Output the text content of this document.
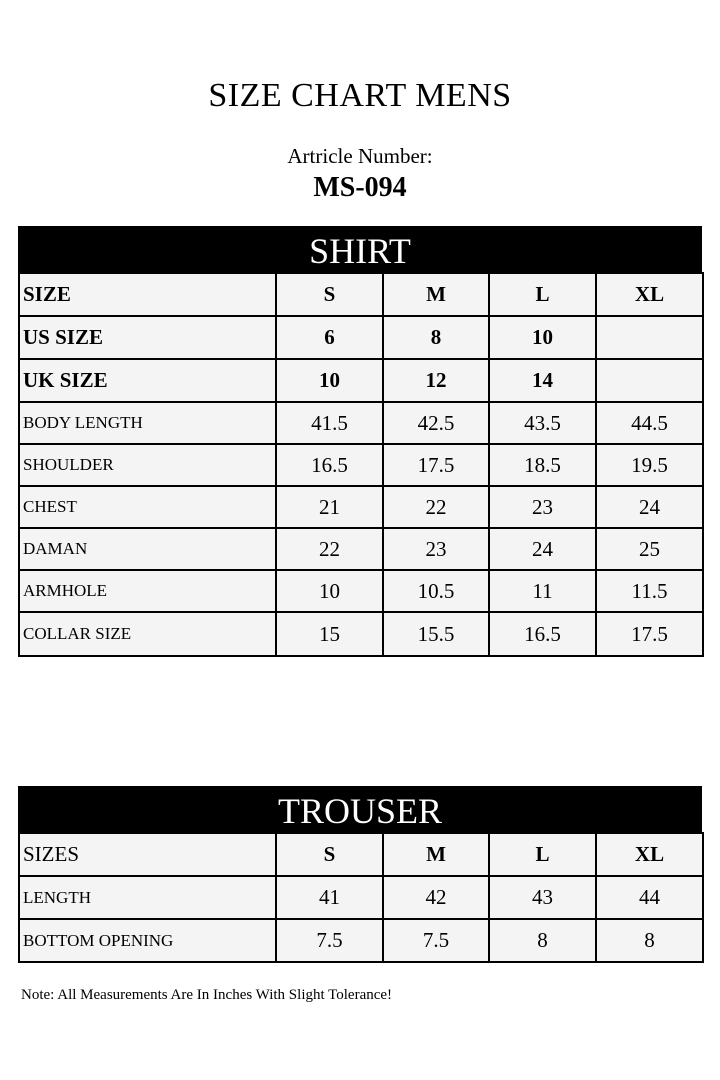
SIZE CHART MENS
Artricle Number:
MS-094
SHIRT
SIZE	S	M	L	XL
US SIZE	6	8	10	
UK SIZE	10	12	14	
BODY LENGTH	41.5	42.5	43.5	44.5
SHOULDER	16.5	17.5	18.5	19.5
CHEST	21	22	23	24
DAMAN	22	23	24	25
ARMHOLE	10	10.5	11	11.5
COLLAR SIZE	15	15.5	16.5	17.5
TROUSER
SIZES	S	M	L	XL
LENGTH	41	42	43	44
BOTTOM OPENING	7.5	7.5	8	8
Note: All Measurements Are In Inches With Slight Tolerance!
